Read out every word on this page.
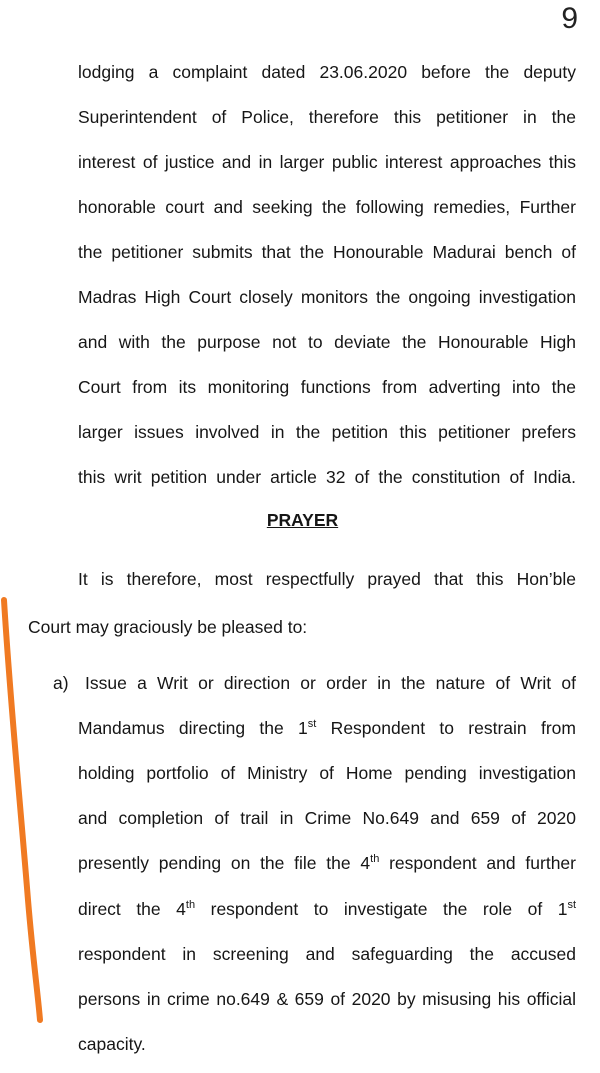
9
lodging a complaint dated 23.06.2020 before the deputy
Superintendent of Police, therefore this petitioner in the
interest of justice and in larger public interest approaches this
honorable court and seeking the following remedies, Further
the petitioner submits that the Honourable Madurai bench of
Madras High Court closely monitors the ongoing investigation
and with the purpose not to deviate the Honourable High
Court from its monitoring functions from adverting into the
larger issues involved in the petition this petitioner prefers
this writ petition under article 32 of the constitution of India.
PRAYER
It is therefore, most respectfully prayed that this Hon’ble
Court may graciously be pleased to:
a) Issue a Writ or direction or order in the nature of Writ of
Mandamus directing the 1st Respondent to restrain from
holding portfolio of Ministry of Home pending investigation
and completion of trail in Crime No.649 and 659 of 2020
presently pending on the file the 4th respondent and further
direct the 4th respondent to investigate the role of 1st
respondent in screening and safeguarding the accused
persons in crime no.649 & 659 of 2020 by misusing his official
capacity.
